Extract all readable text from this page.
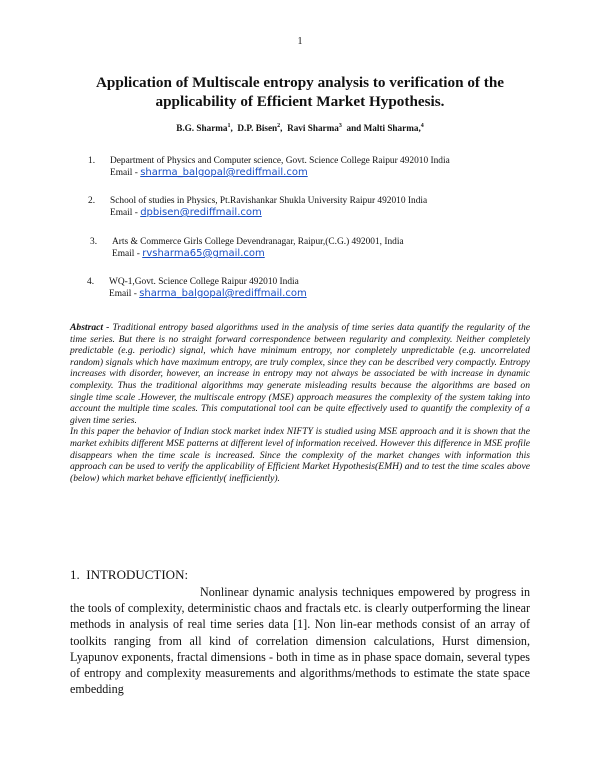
1
Application of Multiscale entropy analysis to verification of the
applicability of Efficient Market Hypothesis.
B.G. Sharma$^1$,  D.P. Bisen$^2$,  Ravi Sharma$^3$  and Malti Sharma,$^4$
1.	Department of Physics and Computer science, Govt. Science College Raipur 492010 India
Email - sharma_balgopal@rediffmail.com
2.	School of studies in Physics, Pt.Ravishankar Shukla University Raipur 492010 India
Email - dpbisen@rediffmail.com
3.	Arts & Commerce Girls College Devendranagar, Raipur,(C.G.) 492001, India
Email - rvsharma65@gmail.com
4.	WQ-1,Govt. Science College Raipur 492010 India
Email - sharma_balgopal@rediffmail.com

Abstract - Traditional entropy based algorithms used in the analysis of time series data quantify the regularity of the time series. But there is no straight forward correspondence between regularity and complexity. Neither completely predictable (e.g. periodic) signal, which have minimum entropy, nor completely unpredictable (e.g. uncorrelated random) signals which have maximum entropy, are truly complex, since they can be described very compactly. Entropy increases with disorder, however, an increase in entropy may not always be associated be with increase in dynamic complexity. Thus the traditional algorithms may generate misleading results because the algorithms are based on single time scale .However, the multiscale entropy (MSE) approach measures the complexity of the system taking into account the multiple time scales. This computational tool can be quite effectively used to quantify the complexity of a given time series.

In this paper the behavior of Indian stock market index NIFTY is studied using MSE approach and it is shown that the market exhibits different MSE patterns at different level of information received. However this difference in MSE profile disappears when the time scale is increased. Since the complexity of the market changes with information this approach can be used to verify the applicability of Efficient Market Hypothesis(EMH) and to test the time scales above (below) which market behave efficiently( inefficiently).

1.  INTRODUCTION:
Nonlinear dynamic analysis techniques empowered by progress in the tools of complexity, deterministic chaos and fractals etc. is clearly outperforming the linear methods in analysis of real time series data [1]. Non lin-ear methods consist of an array of toolkits ranging from all kind of correlation dimension calculations, Hurst dimension, Lyapunov exponents, fractal dimensions - both in time as in phase space domain, several types of entropy and complexity measurements and algorithms/methods to estimate the state space embedding
